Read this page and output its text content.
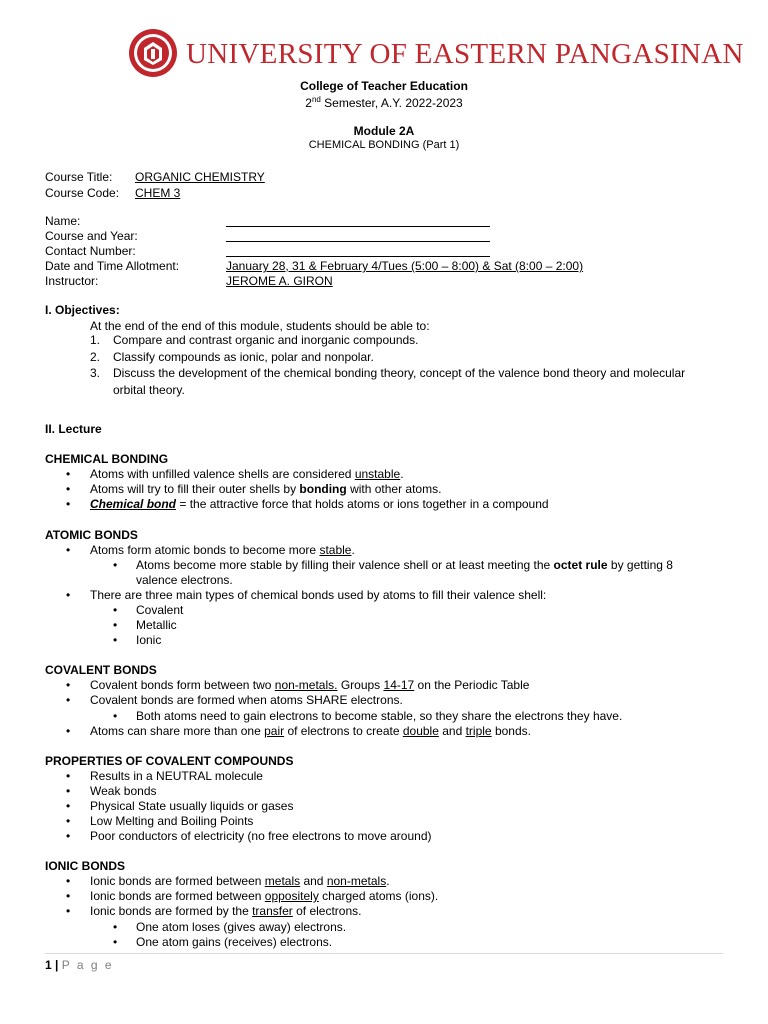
UNIVERSITY OF EASTERN PANGASINAN
College of Teacher Education
2nd Semester, A.Y. 2022-2023
Module 2A
CHEMICAL BONDING (Part 1)
Course Title: ORGANIC CHEMISTRY
Course Code: CHEM 3
Name:
Course and Year:
Contact Number:
Date and Time Allotment:	January 28, 31 & February 4/Tues (5:00 – 8:00) & Sat (8:00 – 2:00)
Instructor:	JEROME A. GIRON
I. Objectives:
At the end of the end of this module, students should be able to:
1. Compare and contrast organic and inorganic compounds.
2. Classify compounds as ionic, polar and nonpolar.
3. Discuss the development of the chemical bonding theory, concept of the valence bond theory and molecular
orbital theory.
II. Lecture
CHEMICAL BONDING
• Atoms with unfilled valence shells are considered unstable.
• Atoms will try to fill their outer shells by bonding with other atoms.
• Chemical bond = the attractive force that holds atoms or ions together in a compound
ATOMIC BONDS
• Atoms form atomic bonds to become more stable.
• Atoms become more stable by filling their valence shell or at least meeting the octet rule by getting 8
valence electrons.
• There are three main types of chemical bonds used by atoms to fill their valence shell:
• Covalent
• Metallic
• Ionic
COVALENT BONDS
• Covalent bonds form between two non-metals. Groups 14-17 on the Periodic Table
• Covalent bonds are formed when atoms SHARE electrons.
• Both atoms need to gain electrons to become stable, so they share the electrons they have.
• Atoms can share more than one pair of electrons to create double and triple bonds.
PROPERTIES OF COVALENT COMPOUNDS
• Results in a NEUTRAL molecule
• Weak bonds
• Physical State usually liquids or gases
• Low Melting and Boiling Points
• Poor conductors of electricity (no free electrons to move around)
IONIC BONDS
• Ionic bonds are formed between metals and non-metals.
• Ionic bonds are formed between oppositely charged atoms (ions).
• Ionic bonds are formed by the transfer of electrons.
• One atom loses (gives away) electrons.
• One atom gains (receives) electrons.
1 | P a g e
